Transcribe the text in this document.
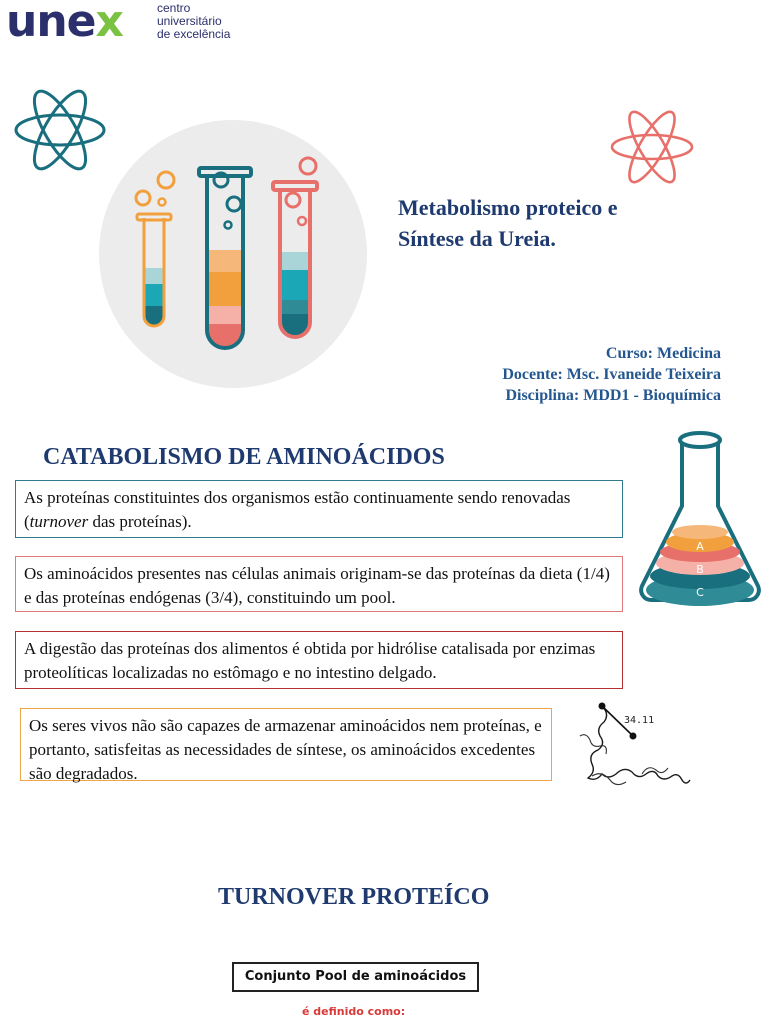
unex	centro
universitário
de excelência
Metabolismo proteico e
Síntese da Ureia.
Curso: Medicina
Docente: Msc. Ivaneide Teixeira
Disciplina: MDD1 - Bioquímica
CATABOLISMO DE AMINOÁCIDOS
As proteínas constituintes dos organismos estão continuamente sendo renovadas (turnover das proteínas).
Os aminoácidos presentes nas células animais originam-se das proteínas da dieta (1/4) e das proteínas endógenas (3/4), constituindo um pool.
A digestão das proteínas dos alimentos é obtida por hidrólise catalisada por enzimas proteolíticas localizadas no estômago e no intestino delgado.
Os seres vivos não são capazes de armazenar aminoácidos nem proteínas, e portanto, satisfeitas as necessidades de síntese, os aminoácidos excedentes são degradados.
A
B
C
34.11
TURNOVER PROTEÍCO
Conjunto Pool de aminoácidos
é definido como:
